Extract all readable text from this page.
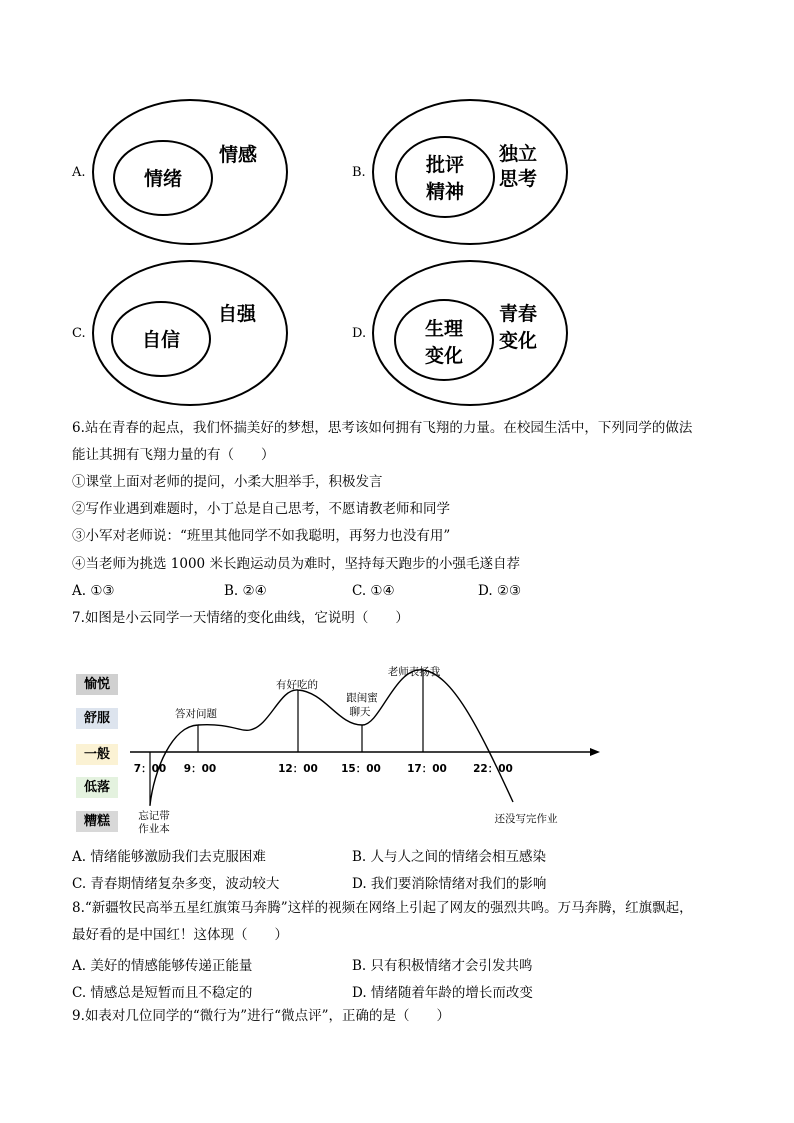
A.	情绪
情感
B.	批评
精神
独立
思考
C.	自信
自强
D.	生理
变化
青春
变化
6.站在青春的起点，我们怀揣美好的梦想，思考该如何拥有飞翔的力量。在校园生活中，下列同学的做法
能让其拥有飞翔力量的有（　　）
①课堂上面对老师的提问，小柔大胆举手，积极发言
②写作业遇到难题时，小丁总是自己思考，不愿请教老师和同学
③小军对老师说：“班里其他同学不如我聪明，再努力也没有用”
④当老师为挑选 1000 米长跑运动员为难时，坚持每天跑步的小强毛遂自荐
A. ①③	B. ②④	C. ①④	D. ②③
7.如图是小云同学一天情绪的变化曲线，它说明（　　）
愉悦
舒服
一般
低落
糟糕
7：00 9：00	12：00 15：00	17：00	22：00
忘记带
作业本
答对问题
有好吃的
跟闺蜜
聊天
老师表扬我
还没写完作业
A. 情绪能够激励我们去克服困难	B. 人与人之间的情绪会相互感染
C. 青春期情绪复杂多变，波动较大	D. 我们要消除情绪对我们的影响
8.“新疆牧民高举五星红旗策马奔腾”这样的视频在网络上引起了网友的强烈共鸣。万马奔腾，红旗飘起，
最好看的是中国红！这体现（　　）
A. 美好的情感能够传递正能量	B. 只有积极情绪才会引发共鸣
C. 情感总是短暂而且不稳定的	D. 情绪随着年龄的增长而改变
9.如表对几位同学的“微行为”进行“微点评”，正确的是（　　）
